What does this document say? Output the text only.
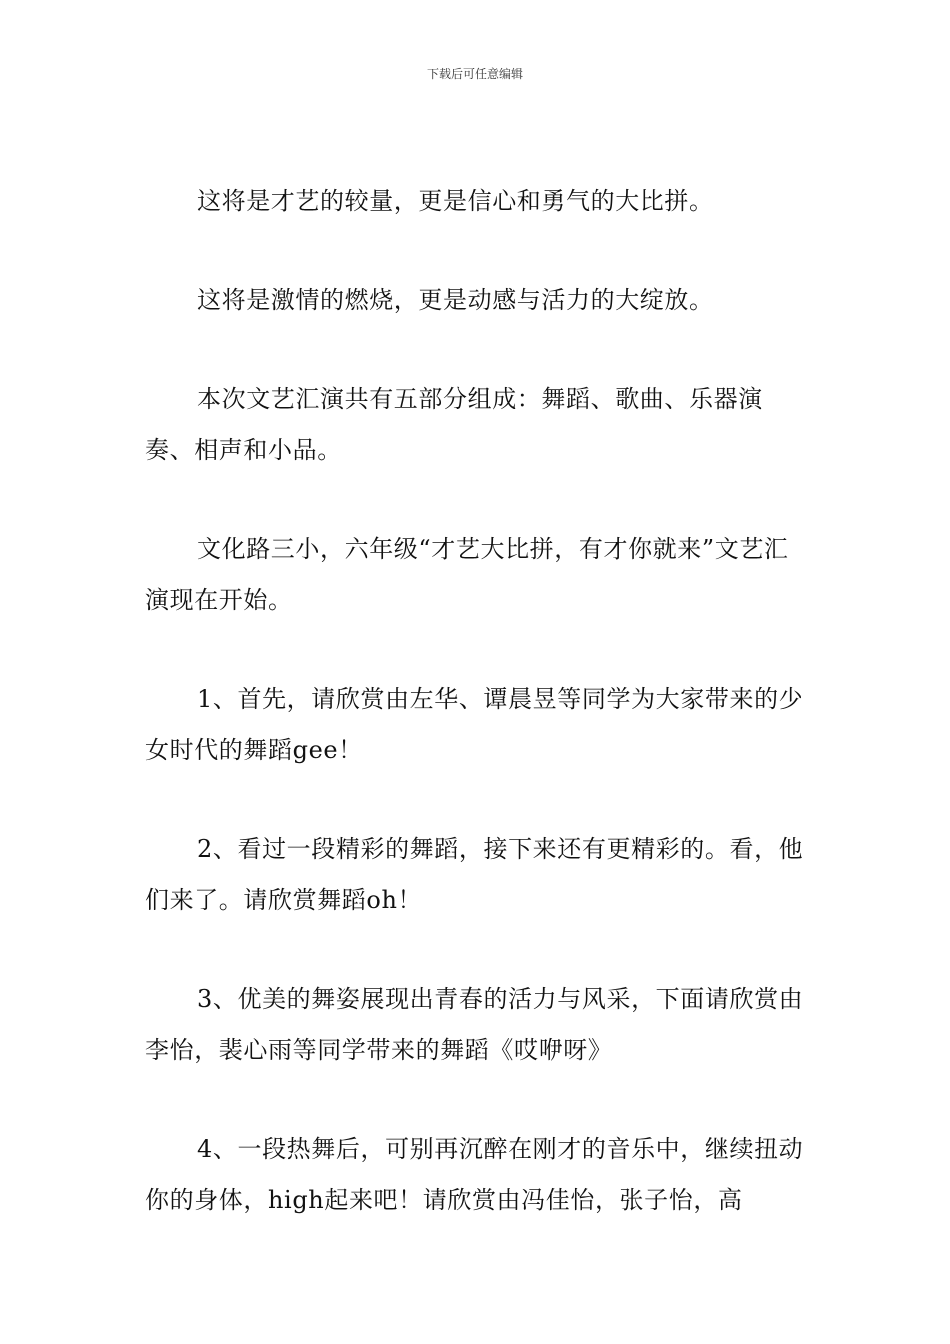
下载后可任意编辑

这将是才艺的较量，更是信心和勇气的大比拼。

这将是激情的燃烧，更是动感与活力的大绽放。

本次文艺汇演共有五部分组成：舞蹈、歌曲、乐器演奏、相声和小品。

文化路三小，六年级“才艺大比拼，有才你就来”文艺汇演现在开始。

1、首先，请欣赏由左华、谭晨昱等同学为大家带来的少女时代的舞蹈gee！

2、看过一段精彩的舞蹈，接下来还有更精彩的。看，他们来了。请欣赏舞蹈oh！

3、优美的舞姿展现出青春的活力与风采，下面请欣赏由李怡，裴心雨等同学带来的舞蹈《哎咿呀》

4、一段热舞后，可别再沉醉在刚才的音乐中，继续扭动你的身体，high起来吧！请欣赏由冯佳怡，张子怡，高
